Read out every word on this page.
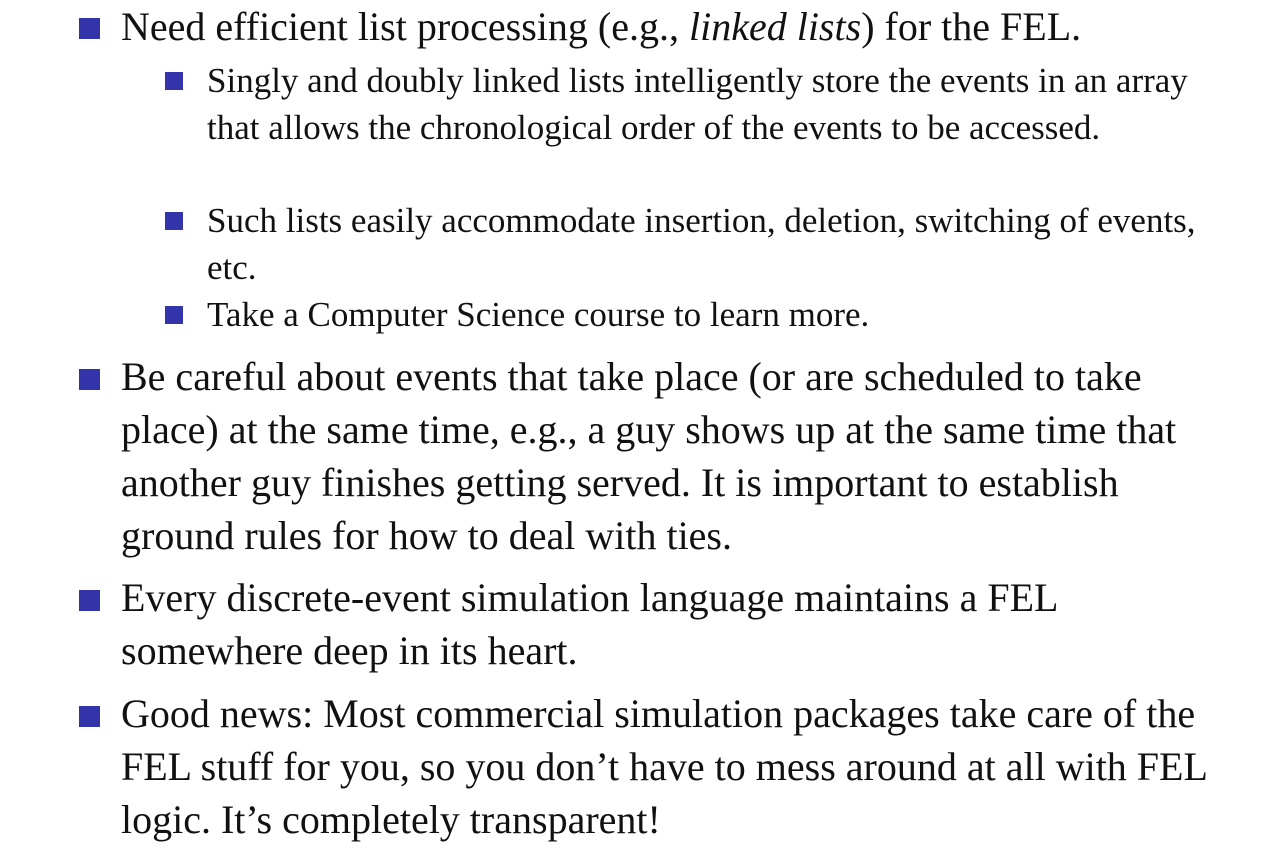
Need efficient list processing (e.g., linked lists) for the FEL.
Singly and doubly linked lists intelligently store the events in an array that allows the chronological order of the events to be accessed.
Such lists easily accommodate insertion, deletion, switching of events, etc.
Take a Computer Science course to learn more.
Be careful about events that take place (or are scheduled to take place) at the same time, e.g., a guy shows up at the same time that another guy finishes getting served. It is important to establish ground rules for how to deal with ties.
Every discrete-event simulation language maintains a FEL somewhere deep in its heart.
Good news: Most commercial simulation packages take care of the FEL stuff for you, so you don’t have to mess around at all with FEL logic. It’s completely transparent!
